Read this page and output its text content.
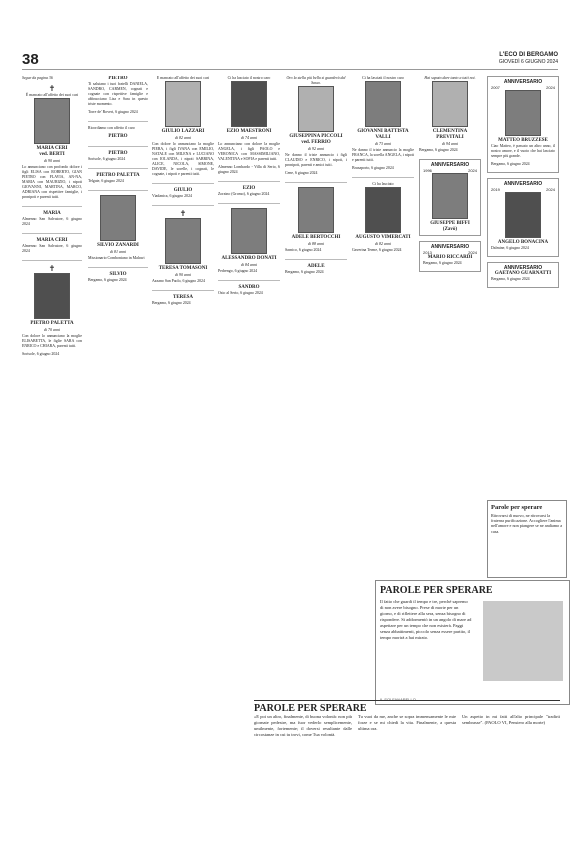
38	L'ECO DI BERGAMO
GIOVEDÌ 6 GIUGNO 2024
Segue da pagina 36
✝
È mancato all'affetto dei suoi cari
MARIA CERI
ved. BERTI
di 90 anni

Lo annunciano con profondo dolore i figli ELISA con ROBERTO, GIAN PIETRO con FLAVIA, AN-NA, MARIA con MAURIZIO, i nipoti GIOVANNI, MARTINA, MARCO, ADRIANA con rispettive famiglie, i pronipoti e parenti tutti.

MARIA

Almenno San Salvatore, 6 giugno 2024

MARIA CERI

Almenno San Salvatore, 6 giugno 2024

✝
PIETRO PALETTA
di 70 anni

Con dolore lo annunciano la moglie ELISABETTA, le figlie SARA con ENRICO e CHIARA, parenti tutti.

Sorisole, 6 giugno 2024

PIETRO

Ti salutano i tuoi fratelli DANIELA, SANDRO, CARMEN, cognati e cognate con rispettive famiglie e abbracciano Lisa e Sara in questo triste momento.

Torre de' Roveri, 6 giugno 2024

Ricordiamo con affetto il caro

PIETRO
PIETRO

Sorisole, 6 giugno 2024

PIETRO PALETTA

Telgate, 6 giugno 2024

SILVIO ZANARDI
di 81 anni

Missionario Comboniano in Malawi

SILVIO

Bergamo, 6 giugno 2024

È mancato all'affetto dei suoi cari
GIULIO LAZZARI
di 82 anni

Con dolore lo annunciano la moglie PIERA, i figli IVANA con EMILIO, NATALE con MILENA e LUCIANO con IOLANDA, i nipoti SABRINA, ALICE, NICOLA, SIMONE, DAVIDE, le sorelle, i cognati, le cognate, i nipoti e parenti tutti.

GIULIO

Viadanica, 6 giugno 2024

✝
TERESA TOMASONI
di 90 anni

Azzano San Paolo, 6 giugno 2024

TERESA

Bergamo, 6 giugno 2024

Ci ha lasciato il nostro caro
EZIO MAESTRONI
di 74 anni

Lo annunciano con dolore la moglie ANGELA, i figli PAOLO e VERONICA con MASSIMILIANO, VALENTINA e SOFIA e parenti tutti.

Almenno Lombardo - Villa di Serio, 6 giugno 2024

EZIO

Zorzino (Gromo), 6 giugno 2024

ALESSANDRO DONATI
di 84 anni

Pedrengo, 6 giugno 2024

SANDRO

Osio al Serio, 6 giugno 2024

Oro la stella più bella si guarderà dal Sasso.
GIUSEPPINA PICCOLI
ved. FERRIO
di 92 anni

Ne danno il triste annuncio i figli CLAUDIO e ENRICO, i nipoti, i pronipoti, parenti e amici tutti.

Cene, 6 giugno 2024

ADELE BERTOCCHI
di 88 anni

Sarnico, 6 giugno 2024

ADELE

Bergamo, 6 giugno 2024

Ci ha lasciati il nostro caro
GIOVANNI BATTISTA VALLI
di 73 anni

Ne danno il triste annuncio la moglie FRANCA, la sorella ANGELA, i nipoti e parenti tutti.

Brusaporto, 6 giugno 2024

Ci ha lasciato
AUGUSTO VIMERCATI
di 82 anni

Gaverina Terme, 6 giugno 2024

Hai saputo dare tanto a tutti noi.
CLEMENTINA PREVITALI
di 94 anni

Bergamo, 6 giugno 2024

ANNIVERSARIO
1996	2024
GIUSEPPE BIFFI
(Zavò)
ANNIVERSARIO
2013	2024
MARIO RICCARDI

Bergamo, 6 giugno 2024

ANNIVERSARIO
2007	2024
MATTEO BRUZZESE

Ciao Matteo, è passato un altro anno, il nostro amore, e il vuoto che hai lasciato sempre più grande.

Bergamo, 6 giugno 2024

ANNIVERSARIO
2019	2024
ANGELO BONACINA

Dalmine, 6 giugno 2024

ANNIVERSARIO
GAETANO GUARNATTI

Bergamo, 6 giugno 2024

Parole per sperare
Ritrovarsi di nuovo, ne ritrovarsi la fraterna purificazione. Accogliere l'anima nell'amore e non piangere se ne andiamo a casa.
PAROLE PER SPERARE
Il fatto che guardi il tempo e tre, perché sapremo di non avere bisogno. Prese di morte per un giorno, e di riflettere alla sera, senza bisogno di rispondere. Si addormentò in un angolo di mare ad aspettare per un tempo che non esisterà. Paggi senza abbattimenti, piccolo senza essere partito, il tempo morirà a hai mirato.
IL SOLFANARELLO
PAROLE PER SPERARE
«E poi un altro, finalmente, di buona volontà: non più giornate pedestre, ma fuor vederlo semplicemente, umilmente, fortemente; il doversi resultante dalle circostanze in cui tu trovi, come Tua volontà.
Tu vuoi da me, anche se sopra immensamente le mie forze e se mi chiedi la vita. Finalmente, a questa ultima ora.
Un aspetto in mi fatti all'alto principale "tradirti sembrasse". (PAOLO VI, Pensiero alla morte)
